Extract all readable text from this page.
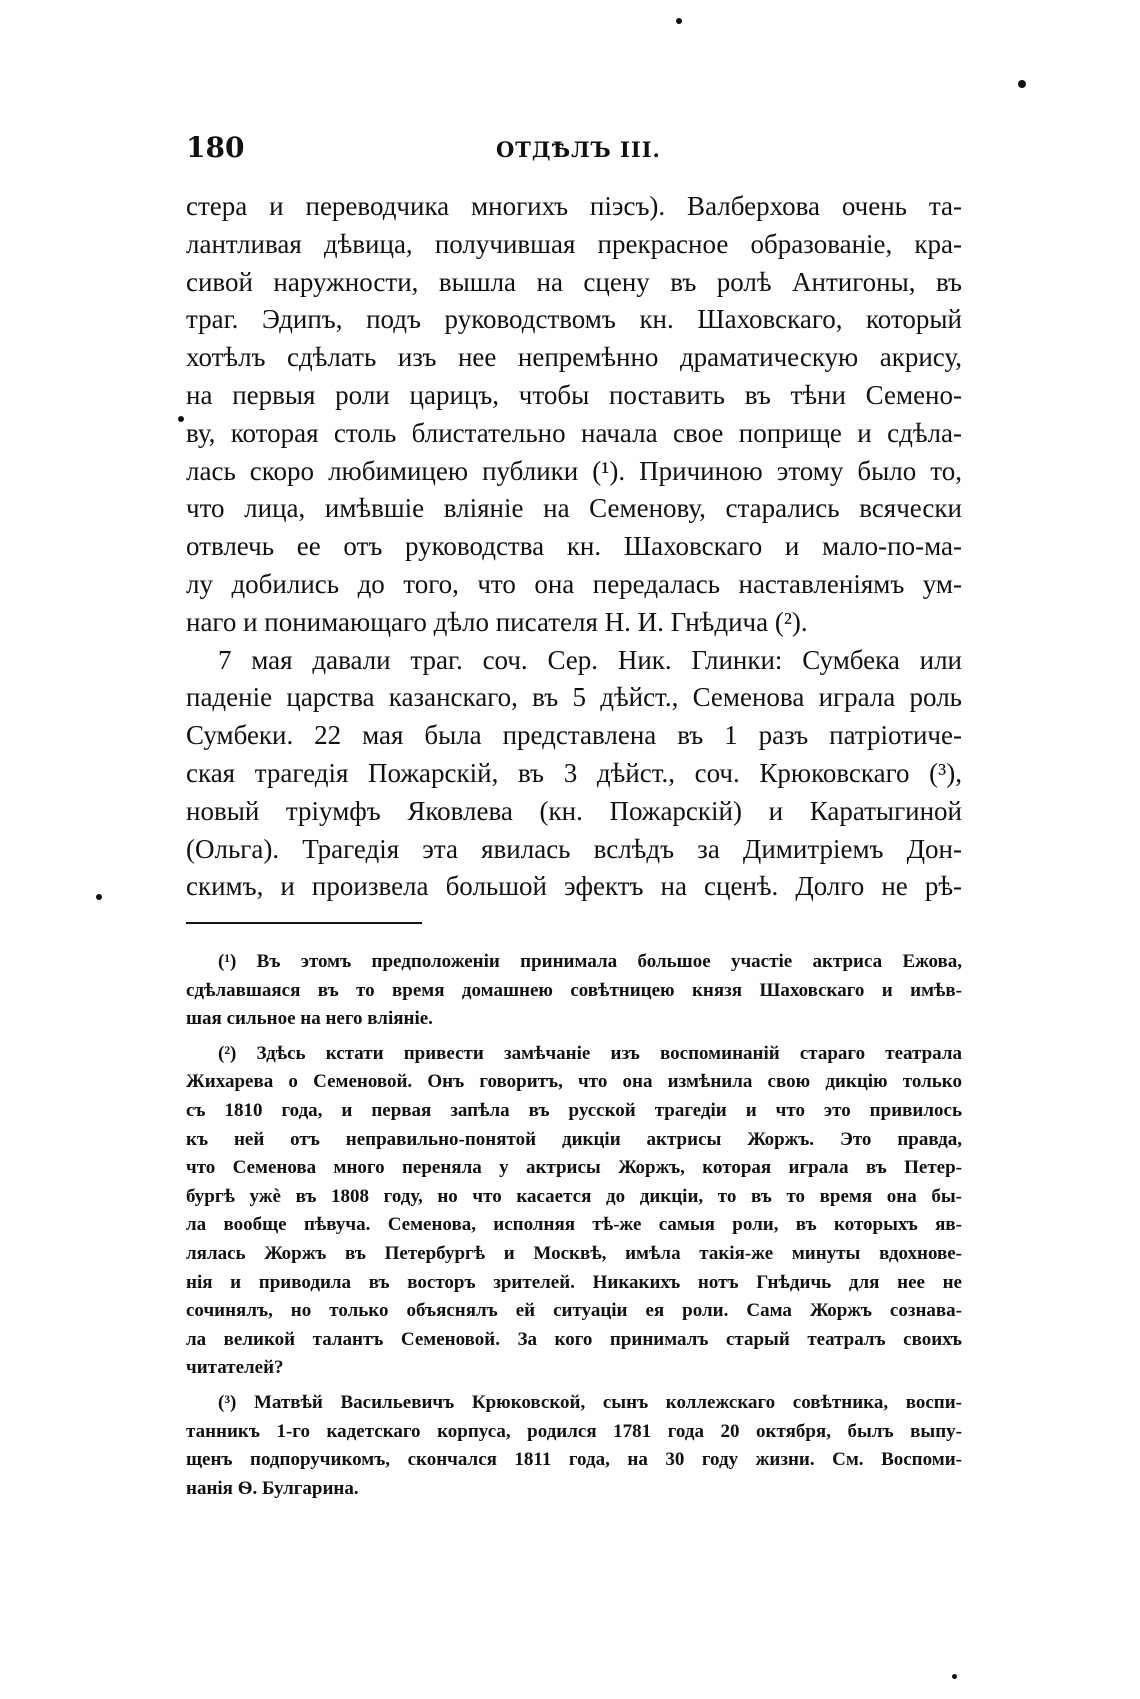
180	ОТДѢЛЪ III.
стера и переводчика многихъ піэсъ). Валберхова очень та-
лантливая дѣвица, получившая прекрасное образованіе, кра-
сивой наружности, вышла на сцену въ ролѣ Антигоны, въ
траг. Эдипъ, подъ руководствомъ кн. Шаховскаго, который
хотѣлъ сдѣлать изъ нее непремѣнно драматическую акрису,
на первыя роли царицъ, чтобы поставить въ тѣни Семено-
ву, которая столь блистательно начала свое поприще и сдѣла-
лась скоро любимицею публики (¹). Причиною этому было то,
что лица, имѣвшіе вліяніе на Семенову, старались всячески
отвлечь ее отъ руководства кн. Шаховскаго и мало-по-ма-
лу добились до того, что она передалась наставленіямъ ум-
наго и понимающаго дѣло писателя Н. И. Гнѣдича (²).
7 мая давали траг. соч. Сер. Ник. Глинки: Сумбека или
паденіе царства казанскаго, въ 5 дѣйст., Семенова играла роль
Сумбеки. 22 мая была представлена въ 1 разъ патріотиче-
ская трагедія Пожарскій, въ 3 дѣйст., соч. Крюковскаго (³),
новый тріумфъ Яковлева (кн. Пожарскій) и Каратыгиной
(Ольга). Трагедія эта явилась вслѣдъ за Димитріемъ Дон-
скимъ, и произвела большой эфектъ на сценѣ. Долго не рѣ-
(¹) Въ этомъ предположеніи принимала большое участіе актриса Ежова,
сдѣлавшаяся въ то время домашнею совѣтницею князя Шаховскаго и имѣв-
шая сильное на него вліяніе.
(²) Здѣсь кстати привести замѣчаніе изъ воспоминаній стараго театрала
Жихарева о Семеновой. Онъ говоритъ, что она измѣнила свою дикцію только
съ 1810 года, и первая запѣла въ русской трагедіи и что это привилось
къ ней отъ неправильно-понятой дикціи актрисы Жоржъ. Это правда,
что Семенова много переняла у актрисы Жоржъ, которая играла въ Петер-
бургѣ ужè въ 1808 году, но что касается до дикціи, то въ то время она бы-
ла вообще пѣвуча. Семенова, исполняя тѣ-же самыя роли, въ которыхъ яв-
лялась Жоржъ въ Петербургѣ и Москвѣ, имѣла такія-же минуты вдохнове-
нія и приводила въ восторъ зрителей. Никакихъ нотъ Гнѣдичь для нее не
сочинялъ, но только объяснялъ ей ситуаціи ея роли. Сама Жоржъ сознава-
ла великой талантъ Семеновой. За кого принималъ старый театралъ своихъ
читателей?
(³) Матвѣй Васильевичъ Крюковской, сынъ коллежскаго совѣтника, воспи-
танникъ 1-го кадетскаго корпуса, родился 1781 года 20 октября, былъ выпу-
щенъ подпоручикомъ, скончался 1811 года, на 30 году жизни. См. Воспоми-
нанія Ѳ. Булгарина.
